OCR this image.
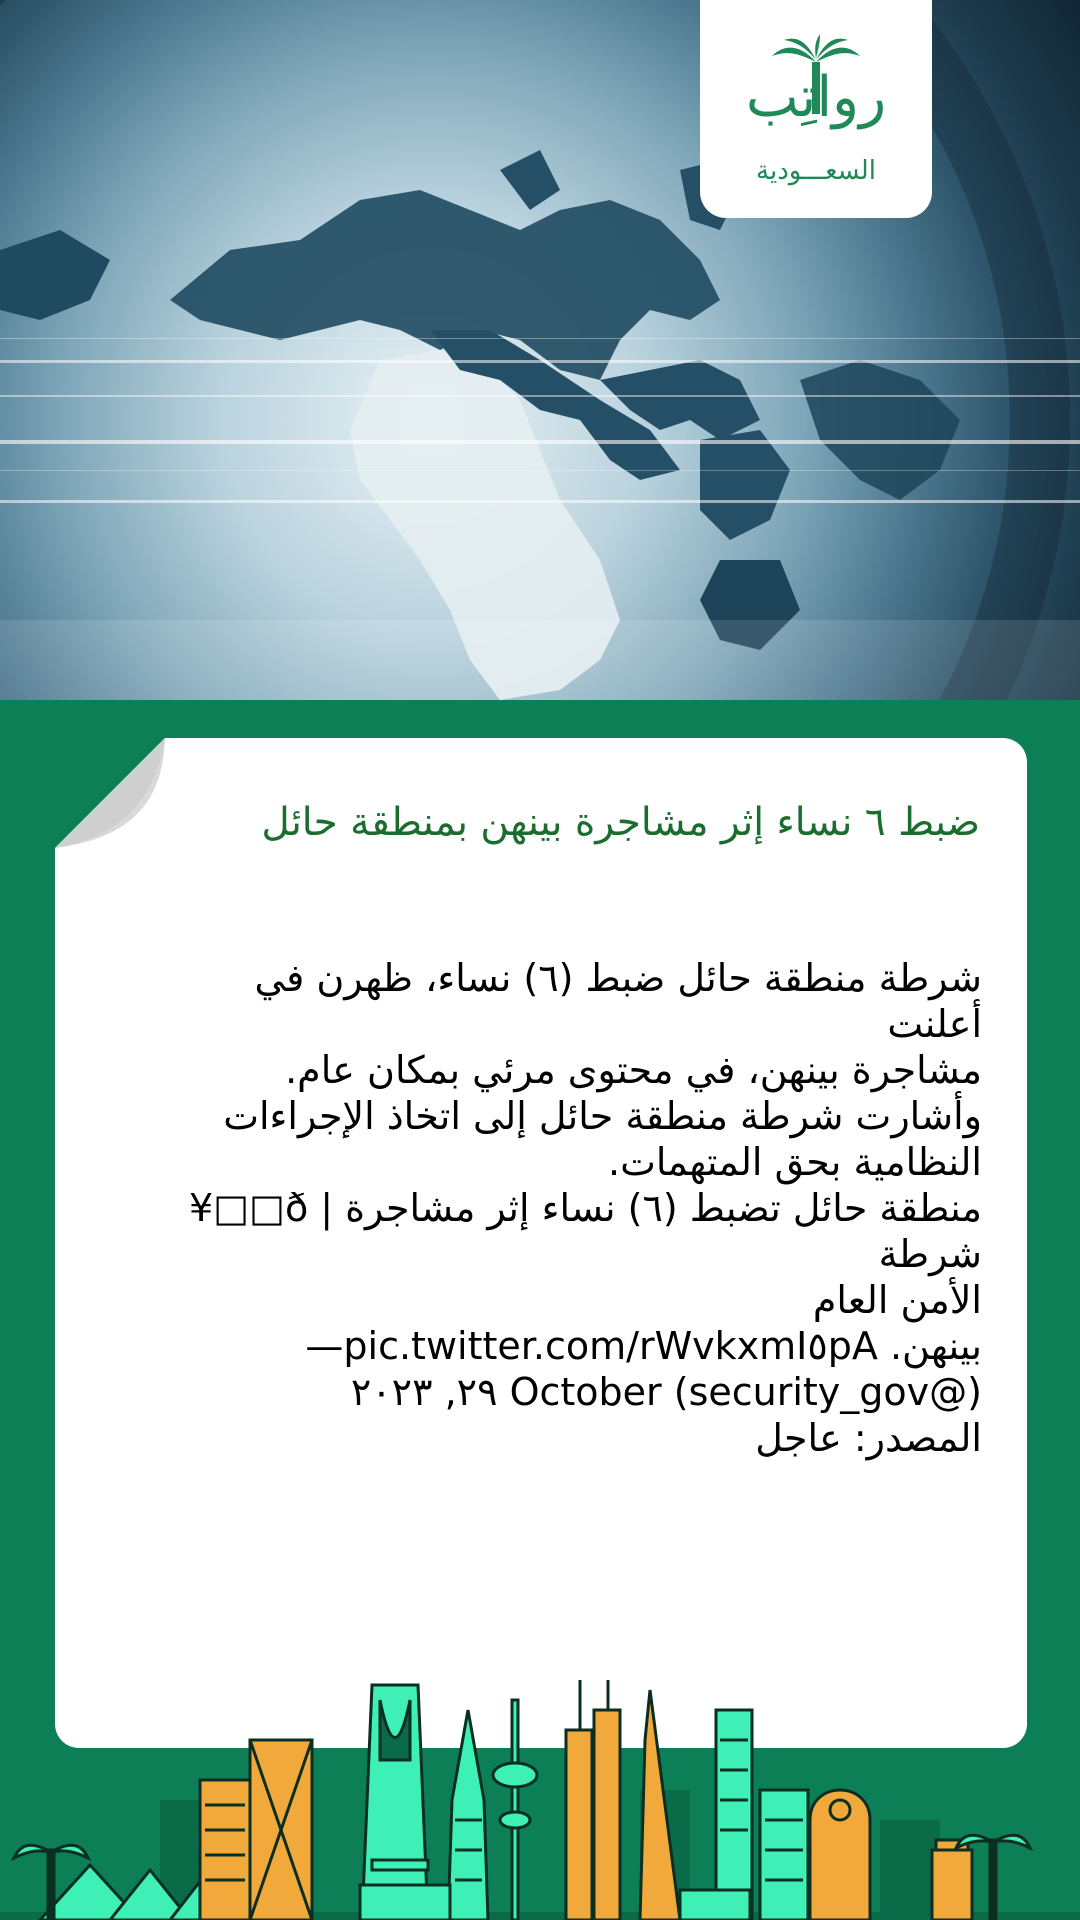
رواتِب
السعـــودية
ضبط ٦ نساء إثر مشاجرة بينهن بمنطقة حائل
شرطة منطقة حائل ضبط (٦) نساء، ظهرن في
أعلنت
مشاجرة بينهن، في محتوى مرئي بمكان عام.
وأشارت شرطة منطقة حائل إلى اتخاذ الإجراءات
النظامية بحق المتهمات.
منطقة حائل تضبط (٦) نساء إثر مشاجرة | ð□□¥
شرطة
الأمن العام
بينهن. pic.twitter.com/rWvkxmI٥pA—
(@security_gov) October ٢٩, ٢٠٢٣
المصدر: عاجل
